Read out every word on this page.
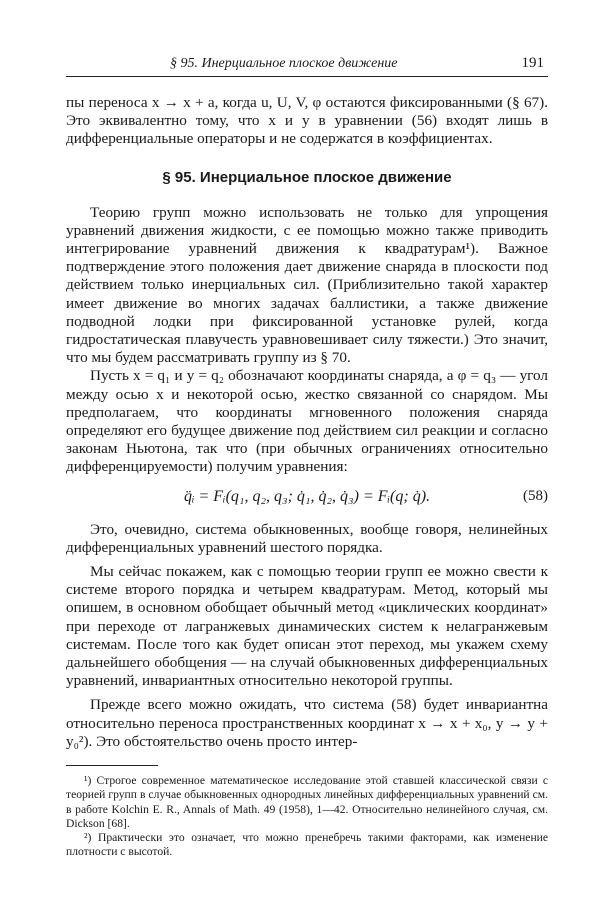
§ 95. Инерциальное плоское движение	191

пы переноса x → x + a, когда u, U, V, φ остаются фиксированными (§ 67). Это эквивалентно тому, что x и y в уравнении (56) входят лишь в дифференциальные операторы и не содержатся в коэффициентах.

§ 95. Инерциальное плоское движение

Теорию групп можно использовать не только для упрощения уравнений движения жидкости, с ее помощью можно также приводить интегрирование уравнений движения к квадратурам¹). Важное подтверждение этого положения дает движение снаряда в плоскости под действием только инерциальных сил. (Приблизительно такой характер имеет движение во многих задачах баллистики, а также движение подводной лодки при фиксированной установке рулей, когда гидростатическая плавучесть уравновешивает силу тяжести.) Это значит, что мы будем рассматривать группу из § 70.

Пусть x = q₁ и y = q₂ обозначают координаты снаряда, а φ = q₃ — угол между осью x и некоторой осью, жестко связанной со снарядом. Мы предполагаем, что координаты мгновенного положения снаряда определяют его будущее движение под действием сил реакции и согласно законам Ньютона, так что (при обычных ограничениях относительно дифференцируемости) получим уравнения:

q̈ᵢ = Fᵢ(q₁, q₂, q₃; q̇₁, q̇₂, q̇₃) = Fᵢ(q; q̇).	(58)

Это, очевидно, система обыкновенных, вообще говоря, нелинейных дифференциальных уравнений шестого порядка.

Мы сейчас покажем, как с помощью теории групп ее можно свести к системе второго порядка и четырем квадратурам. Метод, который мы опишем, в основном обобщает обычный метод «циклических координат» при переходе от лагранжевых динамических систем к нелагранжевым системам. После того как будет описан этот переход, мы укажем схему дальнейшего обобщения — на случай обыкновенных дифференциальных уравнений, инвариантных относительно некоторой группы.

Прежде всего можно ожидать, что система (58) будет инвариантна относительно переноса пространственных координат x → x + x₀, y → y + y₀²). Это обстоятельство очень просто интер-

¹) Строгое современное математическое исследование этой ставшей классической связи с теорией групп в случае обыкновенных однородных линейных дифференциальных уравнений см. в работе Kolchin E. R., Annals of Math. 49 (1958), 1—42. Относительно нелинейного случая, см. Dickson [68].

²) Практически это означает, что можно пренебречь такими факторами, как изменение плотности с высотой.
